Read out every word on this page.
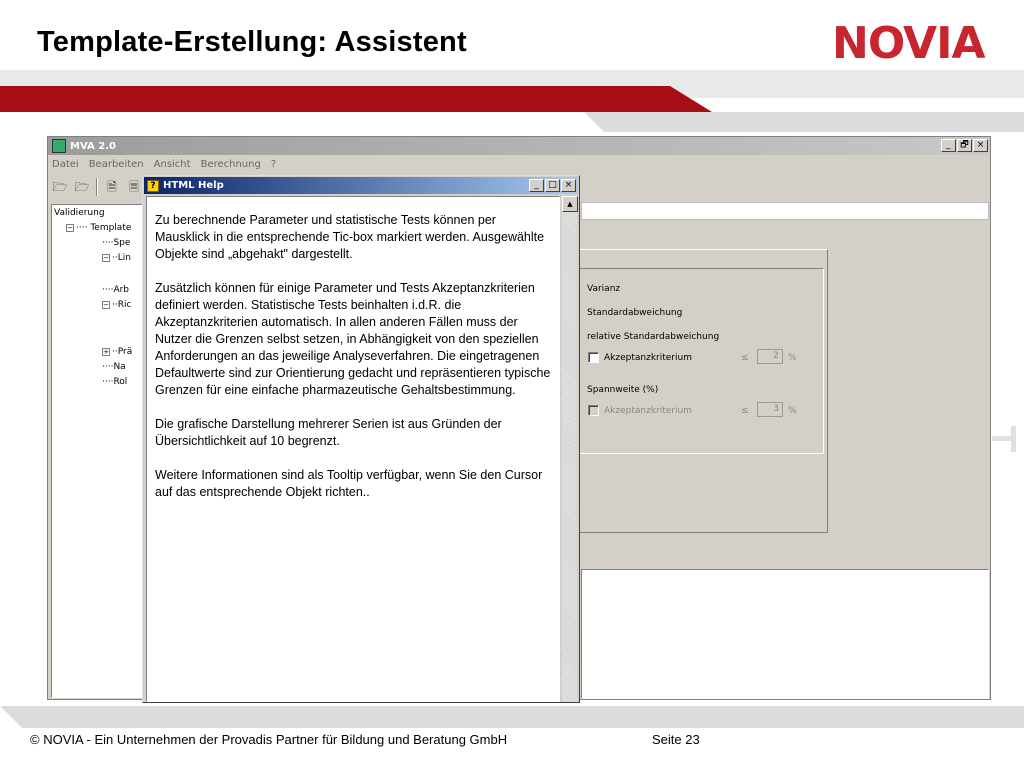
Template-Erstellung: Assistent	NOVIA
MVA 2.0	_	🗗 ×
Datei Bearbeiten Ansicht Berechnung ?
🗁 🗁 🗎 🗏
Validierung
− ···· Template
····Spe
− ··Lin
····Arb
− ··Ric
+ ··Prä
····Na
····Rol
Varianz
Standardabweichung
relative Standardabweichung
Akzeptanzkriterium	≤	2	%
Spannweite (%)
Akzeptanzkriterium	≤	3	%
? HTML Help	_	□ ×

Zu berechnende Parameter und statistische Tests können per Mausklick in die entsprechende Tic-box markiert werden. Ausgewählte Objekte sind „abgehakt" dargestellt.

Zusätzlich können für einige Parameter und Tests Akzeptanzkriterien definiert werden. Statistische Tests beinhalten i.d.R. die Akzeptanzkriterien automatisch. In allen anderen Fällen muss der Nutzer die Grenzen selbst setzen, in Abhängigkeit von den speziellen Anforderungen an das jeweilige Analyseverfahren. Die eingetragenen Defaultwerte sind zur Orientierung gedacht und repräsentieren typische Grenzen für eine einfache pharmazeutische Gehaltsbestimmung.

Die grafische Darstellung mehrerer Serien ist aus Gründen der Übersichtlichkeit auf 10 begrenzt.

Weitere Informationen sind als Tooltip verfügbar, wenn Sie den Cursor auf das entsprechende Objekt richten..

▲
© NOVIA - Ein Unternehmen der Provadis Partner für Bildung und Beratung GmbH	Seite 23
